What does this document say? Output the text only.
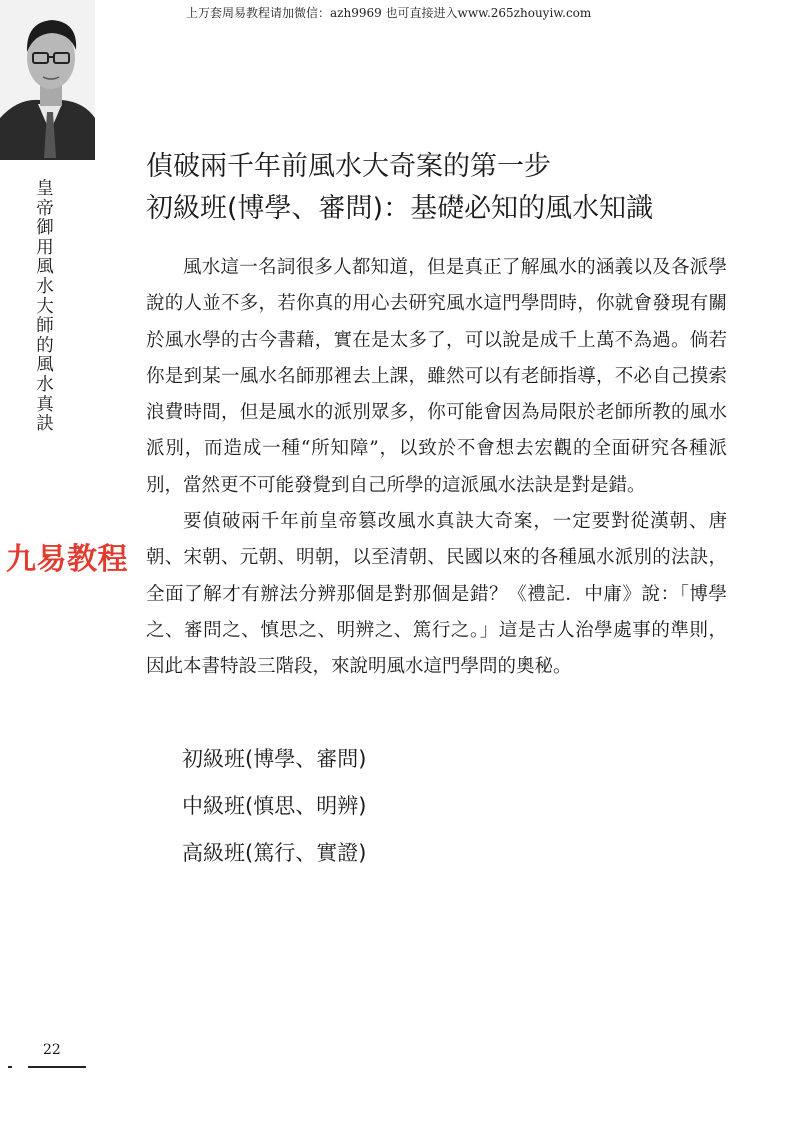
上万套周易教程请加微信：azh9969 也可直接进入www.265zhouyiw.com
皇帝御用風水大師的風水真訣
九易教程
偵破兩千年前風水大奇案的第一步
初級班(博學、審問)：基礎必知的風水知識

風水這一名詞很多人都知道，但是真正了解風水的涵義以及各派學說的人並不多，若你真的用心去研究風水這門學問時，你就會發現有關於風水學的古今書藉，實在是太多了，可以說是成千上萬不為過。倘若你是到某一風水名師那裡去上課，雖然可以有老師指導，不必自己摸索浪費時間，但是風水的派別眾多，你可能會因為局限於老師所教的風水派別，而造成一種“所知障”，以致於不會想去宏觀的全面研究各種派別，當然更不可能發覺到自己所學的這派風水法訣是對是錯。

要偵破兩千年前皇帝篡改風水真訣大奇案，一定要對從漢朝、唐朝、宋朝、元朝、明朝，以至清朝、民國以來的各種風水派別的法訣，全面了解才有辦法分辨那個是對那個是錯？《禮記．中庸》說：「博學之、審問之、慎思之、明辨之、篤行之。」這是古人治學處事的準則，因此本書特設三階段，來說明風水這門學問的奧秘。

初級班(博學、審問)
中級班(慎思、明辨)
高級班(篤行、實證)
22
